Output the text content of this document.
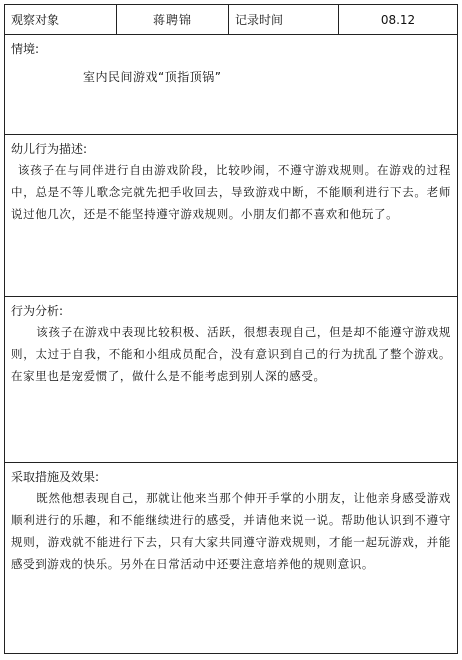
观察对象	蒋聘锦	记录时间	08.12
情境:
室内民间游戏“顶指顶锅”
幼儿行为描述:

该孩子在与同伴进行自由游戏阶段，比较吵闹，不遵守游戏规则。在游戏的过程中，总是不等儿歌念完就先把手收回去，导致游戏中断，不能顺利进行下去。老师说过他几次，还是不能坚持遵守游戏规则。小朋友们都不喜欢和他玩了。

行为分析:

该孩子在游戏中表现比较积极、活跃，很想表现自己，但是却不能遵守游戏规则，太过于自我，不能和小组成员配合，没有意识到自己的行为扰乱了整个游戏。在家里也是宠爱惯了，做什么是不能考虑到别人深的感受。

采取措施及效果:

既然他想表现自己，那就让他来当那个伸开手掌的小朋友，让他亲身感受游戏顺利进行的乐趣，和不能继续进行的感受，并请他来说一说。帮助他认识到不遵守规则，游戏就不能进行下去，只有大家共同遵守游戏规则，才能一起玩游戏，并能感受到游戏的快乐。另外在日常活动中还要注意培养他的规则意识。
